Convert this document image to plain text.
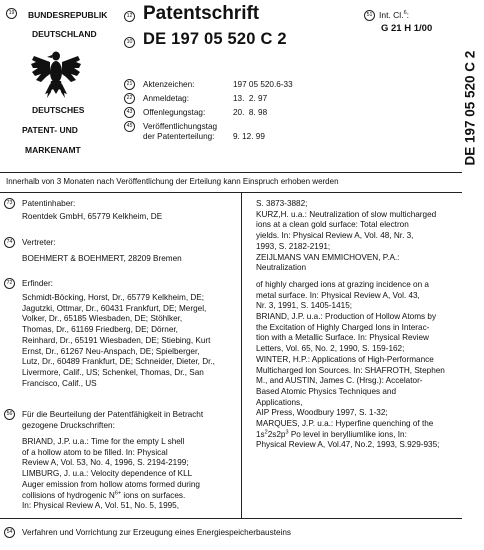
19	BUNDESREPUBLIK
DEUTSCHLAND
DEUTSCHES
PATENT- UND
MARKENAMT
12 Patentschrift
10 DE 197 05 520 C 2
51 Int. Cl.$^6$:
G 21 H 1/00
DE 197 05 520 C 2
21	Aktenzeichen:	197 05 520.6-33
22	Anmeldetag:	13.  2. 97
43	Offenlegungstag:	20.  8. 98
45	Veröffentlichungstag
der Patenterteilung: 9. 12. 99
Innerhalb von 3 Monaten nach Veröffentlichung der Erteilung kann Einspruch erhoben werden
73	Patentinhaber:
Roentdek GmbH, 65779 Kelkheim, DE
74	Vertreter:
BOEHMERT & BOEHMERT, 28209 Bremen
72	Erfinder:
Schmidt-Böcking, Horst, Dr., 65779 Kelkheim, DE;
Jagutzki, Ottmar, Dr., 60431 Frankfurt, DE; Mergel,
Volker, Dr., 65185 Wiesbaden, DE; Stöhlker,
Thomas, Dr., 61169 Friedberg, DE; Dörner,
Reinhard, Dr., 65191 Wiesbaden, DE; Stiebing, Kurt
Ernst, Dr., 61267 Neu-Anspach, DE; Spielberger,
Lutz, Dr., 60489 Frankfurt, DE; Schneider, Dieter, Dr.,
Livermore, Calif., US; Schenkel, Thomas, Dr., San
Francisco, Calif., US
56	Für die Beurteilung der Patentfähigkeit in Betracht
gezogene Druckschriften:
BRIAND, J.P. u.a.: Time for the empty L shell
of a hollow atom to be filled. In: Physical
Review A, Vol. 53, No. 4, 1996, S. 2194-2199;
LIMBURG, J. u.a.: Velocity dependence of KLL
Auger emission from hollow atoms formed during
collisions of hydrogenic $N^{6+}$ ions on surfaces.
In: Physical Review A, Vol. 51, No. 5, 1995,
S. 3873-3882;
KURZ,H. u.a.: Neutralization of slow multicharged
ions at a clean gold surface: Total electron
yields. In: Physical Review A, Vol. 48, Nr. 3,
1993, S. 2182-2191;
ZEIJLMANS VAN EMMICHOVEN, P.A.:
Neutralization
of highly charged ions at grazing incidence on a
metal surface. In: Physical Review A, Vol. 43,
Nr. 3, 1991, S. 1405-1415;
BRIAND, J.P. u.a.: Production of Hollow Atoms by
the Excitation of Highly Charged Ions in Interac-
tion with a Metallic Surface. In: Physical Review
Letters, Vol. 65, No. 2, 1990, S. 159-162;
WINTER, H.P.: Applications of High-Performance
Multicharged Ion Sources. In: SHAFROTH, Stephen
M., and AUSTIN, James C. (Hrsg.): Accelator-
Based Atomic Physics Techniques and
Applications,
AIP Press, Woodbury 1997, S. 1-32;
MARQUES, J.P. u.a.: Hyperfine quenching of the
$1s^22s2p^3$ Po level in berylliumlike ions, In:
Physical Review A, Vol.47, No.2, 1993, S.929-935;
54	Verfahren und Vorrichtung zur Erzeugung eines Energiespeicherbausteins
